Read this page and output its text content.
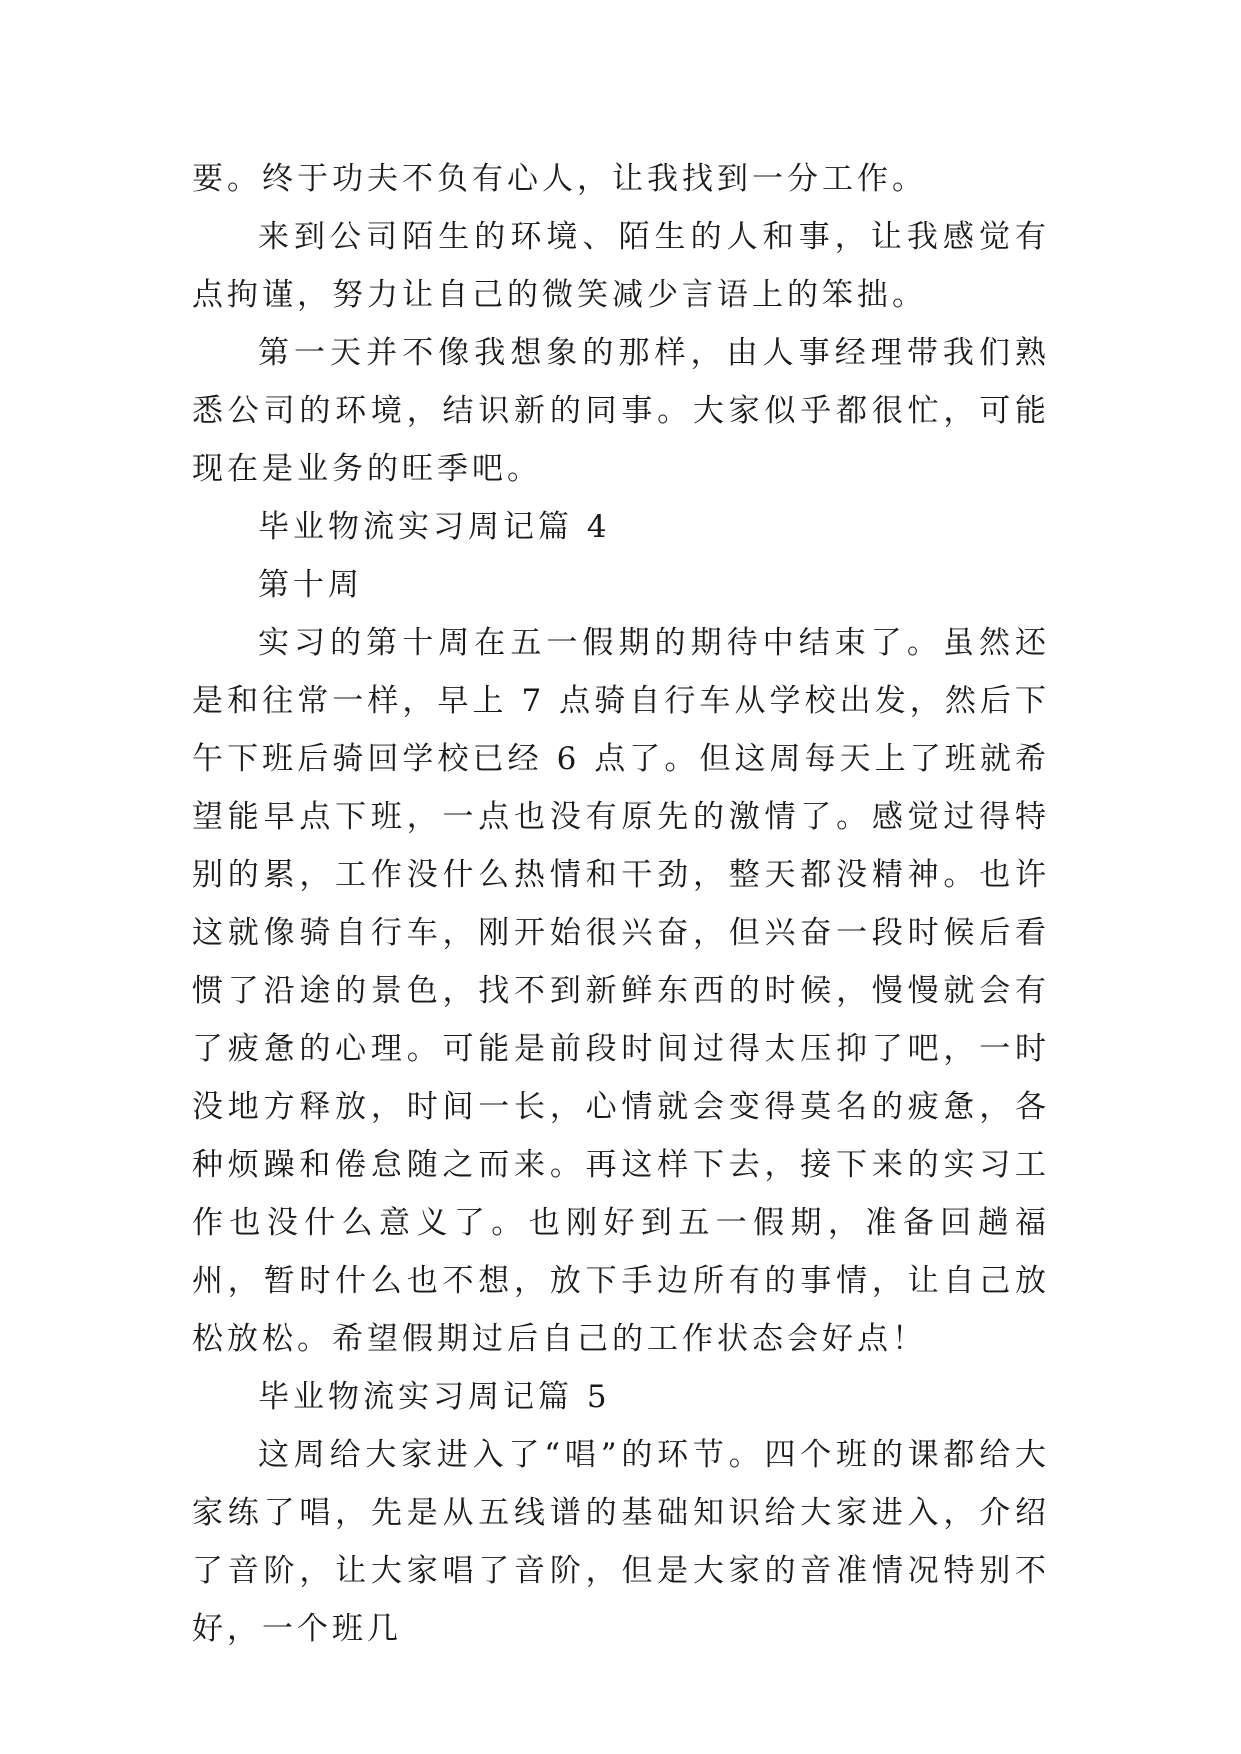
要。终于功夫不负有心人，让我找到一分工作。

来到公司陌生的环境、陌生的人和事，让我感觉有点拘谨，努力让自己的微笑减少言语上的笨拙。

第一天并不像我想象的那样，由人事经理带我们熟悉公司的环境，结识新的同事。大家似乎都很忙，可能现在是业务的旺季吧。

毕业物流实习周记篇 4

第十周

实习的第十周在五一假期的期待中结束了。虽然还是和往常一样，早上 7 点骑自行车从学校出发，然后下午下班后骑回学校已经 6 点了。但这周每天上了班就希望能早点下班，一点也没有原先的激情了。感觉过得特别的累，工作没什么热情和干劲，整天都没精神。也许这就像骑自行车，刚开始很兴奋，但兴奋一段时候后看惯了沿途的景色，找不到新鲜东西的时候，慢慢就会有了疲惫的心理。可能是前段时间过得太压抑了吧，一时没地方释放，时间一长，心情就会变得莫名的疲惫，各种烦躁和倦怠随之而来。再这样下去，接下来的实习工作也没什么意义了。也刚好到五一假期，准备回趟福州，暂时什么也不想，放下手边所有的事情，让自己放松放松。希望假期过后自己的工作状态会好点！

毕业物流实习周记篇 5

这周给大家进入了“唱”的环节。四个班的课都给大家练了唱，先是从五线谱的基础知识给大家进入，介绍了音阶，让大家唱了音阶，但是大家的音准情况特别不好，一个班几
